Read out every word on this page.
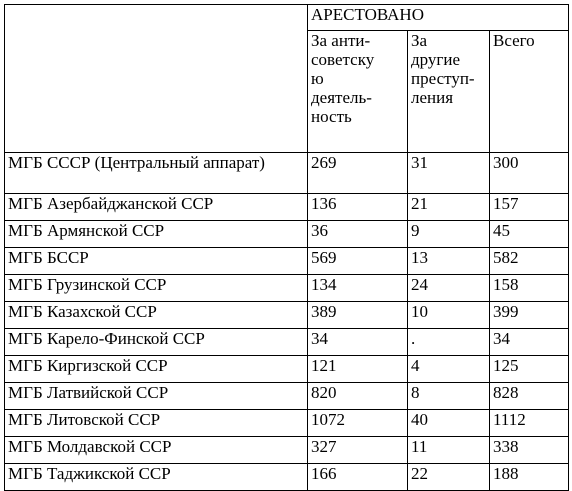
	АРЕСТОВАНО		

	За анти-
советску
ю
деятель-
ность	За
другие
преступ-
ления	Всего
МГБ СССР (Центральный аппарат)	269	31	300
МГБ Азербайджанской ССР	136	21	157
МГБ Армянской ССР	36	9	45
МГБ БССР	569	13	582
МГБ Грузинской ССР	134	24	158
МГБ Казахской ССР	389	10	399
МГБ Карело-Финской ССР	34	.	34
МГБ Киргизской ССР	121	4	125
МГБ Латвийской ССР	820	8	828
МГБ Литовской ССР	1072	40	1112
МГБ Молдавской ССР	327	11	338
МГБ Таджикской ССР	166	22	188
